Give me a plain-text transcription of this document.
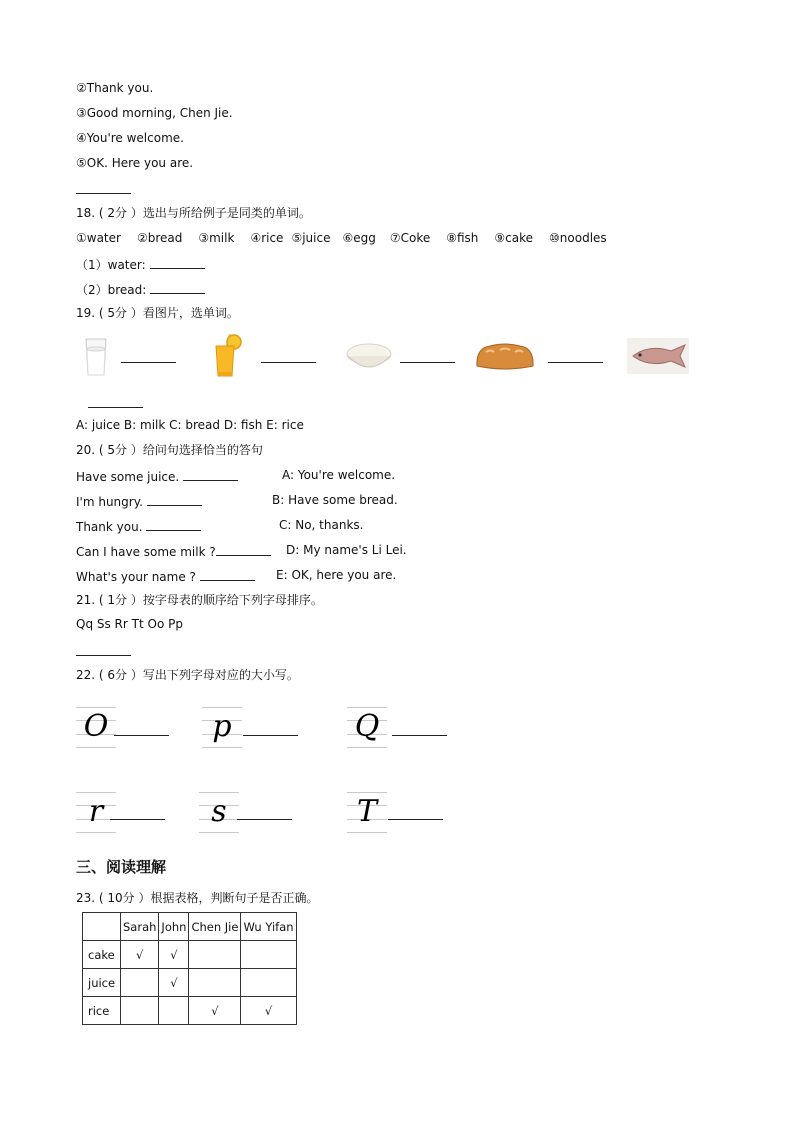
②Thank you.
③Good morning, Chen Jie.
④You're welcome.
⑤OK. Here you are.
18. ( 2分 ）选出与所给例子是同类的单词。
①water ②bread ③milk ④rice ⑤juice ⑥egg ⑦Coke ⑧fish ⑨cake ⑩noodles
（1）water:
（2）bread:
19. ( 5分 ）看图片，选单词。
A: juice B: milk C: bread D: fish E: rice
20. ( 5分 ）给问句选择恰当的答句
Have some juice.	A: You're welcome.
I'm hungry.	B: Have some bread.
Thank you.	C: No, thanks.
Can I have some milk ?	D: My name's Li Lei.
What's your name ?	E: OK, here you are.
21. ( 1分 ）按字母表的顺序给下列字母排序。
Qq Ss Rr Tt Oo Pp
22. ( 6分 ）写出下列字母对应的大小写。
O	p	Q
r	s	T
三、阅读理解
23. ( 10分 ）根据表格，判断句子是否正确。
	Sarah	John	Chen Jie	Wu Yifan
cake	√	√		
juice		√		
rice			√	√
